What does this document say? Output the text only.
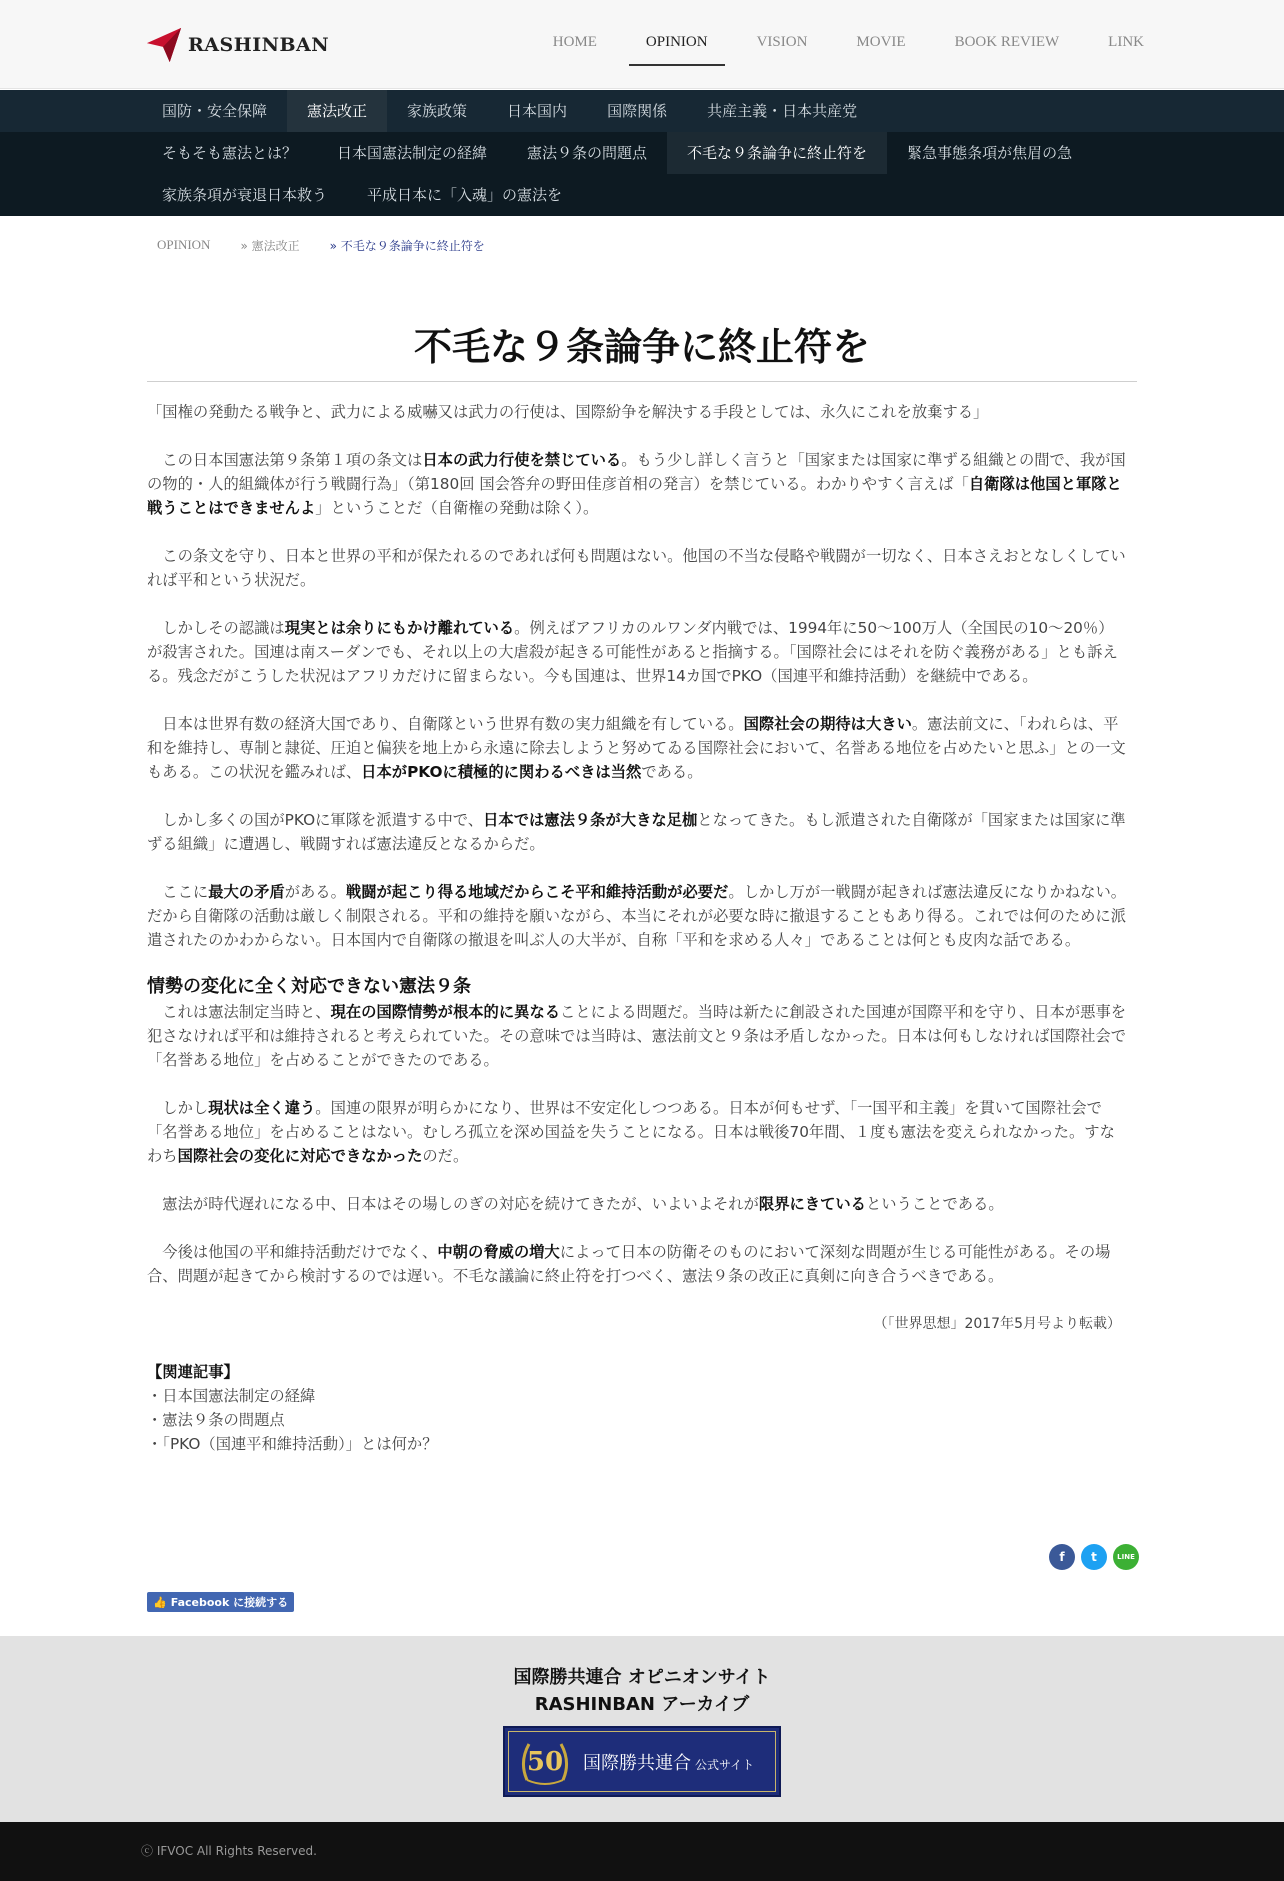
RASHINBAN	HOME	OPINION	VISION	MOVIE	BOOK REVIEW	LINK
国防・安全保障	憲法改正	家族政策	日本国内	国際関係	共産主義・日本共産党
そもそも憲法とは？	日本国憲法制定の経緯	憲法９条の問題点	不毛な９条論争に終止符を	緊急事態条項が焦眉の急
家族条項が衰退日本救う	平成日本に「入魂」の憲法を
OPINION	» 憲法改正	» 不毛な９条論争に終止符を
不毛な９条論争に終止符を

「国権の発動たる戦争と、武力による威嚇又は武力の行使は、国際紛争を解決する手段としては、永久にこれを放棄する」

この日本国憲法第９条第１項の条文は日本の武力行使を禁じている。もう少し詳しく言うと「国家または国家に準ずる組織との間で、我が国の物的・人的組織体が行う戦闘行為」（第180回 国会答弁の野田佳彦首相の発言）を禁じている。わかりやすく言えば「自衛隊は他国と軍隊と戦うことはできませんよ」ということだ（自衛権の発動は除く）。

この条文を守り、日本と世界の平和が保たれるのであれば何も問題はない。他国の不当な侵略や戦闘が一切なく、日本さえおとなしくしていれば平和という状況だ。

しかしその認識は現実とは余りにもかけ離れている。例えばアフリカのルワンダ内戦では、1994年に50～100万人（全国民の10～20％）が殺害された。国連は南スーダンでも、それ以上の大虐殺が起きる可能性があると指摘する。「国際社会にはそれを防ぐ義務がある」とも訴える。残念だがこうした状況はアフリカだけに留まらない。今も国連は、世界14カ国でPKO（国連平和維持活動）を継続中である。

日本は世界有数の経済大国であり、自衛隊という世界有数の実力組織を有している。国際社会の期待は大きい。憲法前文に、「われらは、平和を維持し、専制と隷従、圧迫と偏狭を地上から永遠に除去しようと努めてゐる国際社会において、名誉ある地位を占めたいと思ふ」との一文もある。この状況を鑑みれば、日本がPKOに積極的に関わるべきは当然である。

しかし多くの国がPKOに軍隊を派遣する中で、日本では憲法９条が大きな足枷となってきた。もし派遣された自衛隊が「国家または国家に準ずる組織」に遭遇し、戦闘すれば憲法違反となるからだ。

ここに最大の矛盾がある。戦闘が起こり得る地域だからこそ平和維持活動が必要だ。しかし万が一戦闘が起きれば憲法違反になりかねない。だから自衛隊の活動は厳しく制限される。平和の維持を願いながら、本当にそれが必要な時に撤退することもあり得る。これでは何のために派遣されたのかわからない。日本国内で自衛隊の撤退を叫ぶ人の大半が、自称「平和を求める人々」であることは何とも皮肉な話である。

情勢の変化に全く対応できない憲法９条

これは憲法制定当時と、現在の国際情勢が根本的に異なることによる問題だ。当時は新たに創設された国連が国際平和を守り、日本が悪事を犯さなければ平和は維持されると考えられていた。その意味では当時は、憲法前文と９条は矛盾しなかった。日本は何もしなければ国際社会で「名誉ある地位」を占めることができたのである。

しかし現状は全く違う。国連の限界が明らかになり、世界は不安定化しつつある。日本が何もせず、「一国平和主義」を貫いて国際社会で「名誉ある地位」を占めることはない。むしろ孤立を深め国益を失うことになる。日本は戦後70年間、１度も憲法を変えられなかった。すなわち国際社会の変化に対応できなかったのだ。

憲法が時代遅れになる中、日本はその場しのぎの対応を続けてきたが、いよいよそれが限界にきているということである。

今後は他国の平和維持活動だけでなく、中朝の脅威の増大によって日本の防衛そのものにおいて深刻な問題が生じる可能性がある。その場合、問題が起きてから検討するのでは遅い。不毛な議論に終止符を打つべく、憲法９条の改正に真剣に向き合うべきである。

（「世界思想」2017年5月号より転載）

【関連記事】
・日本国憲法制定の経緯
・憲法９条の問題点
・「PKO（国連平和維持活動）」とは何か？
f	t	LINE
👍 Facebook に接続する
国際勝共連合 オピニオンサイト
RASHINBAN アーカイブ
50 国際勝共連合 公式サイト
ⓒ IFVOC All Rights Reserved.
